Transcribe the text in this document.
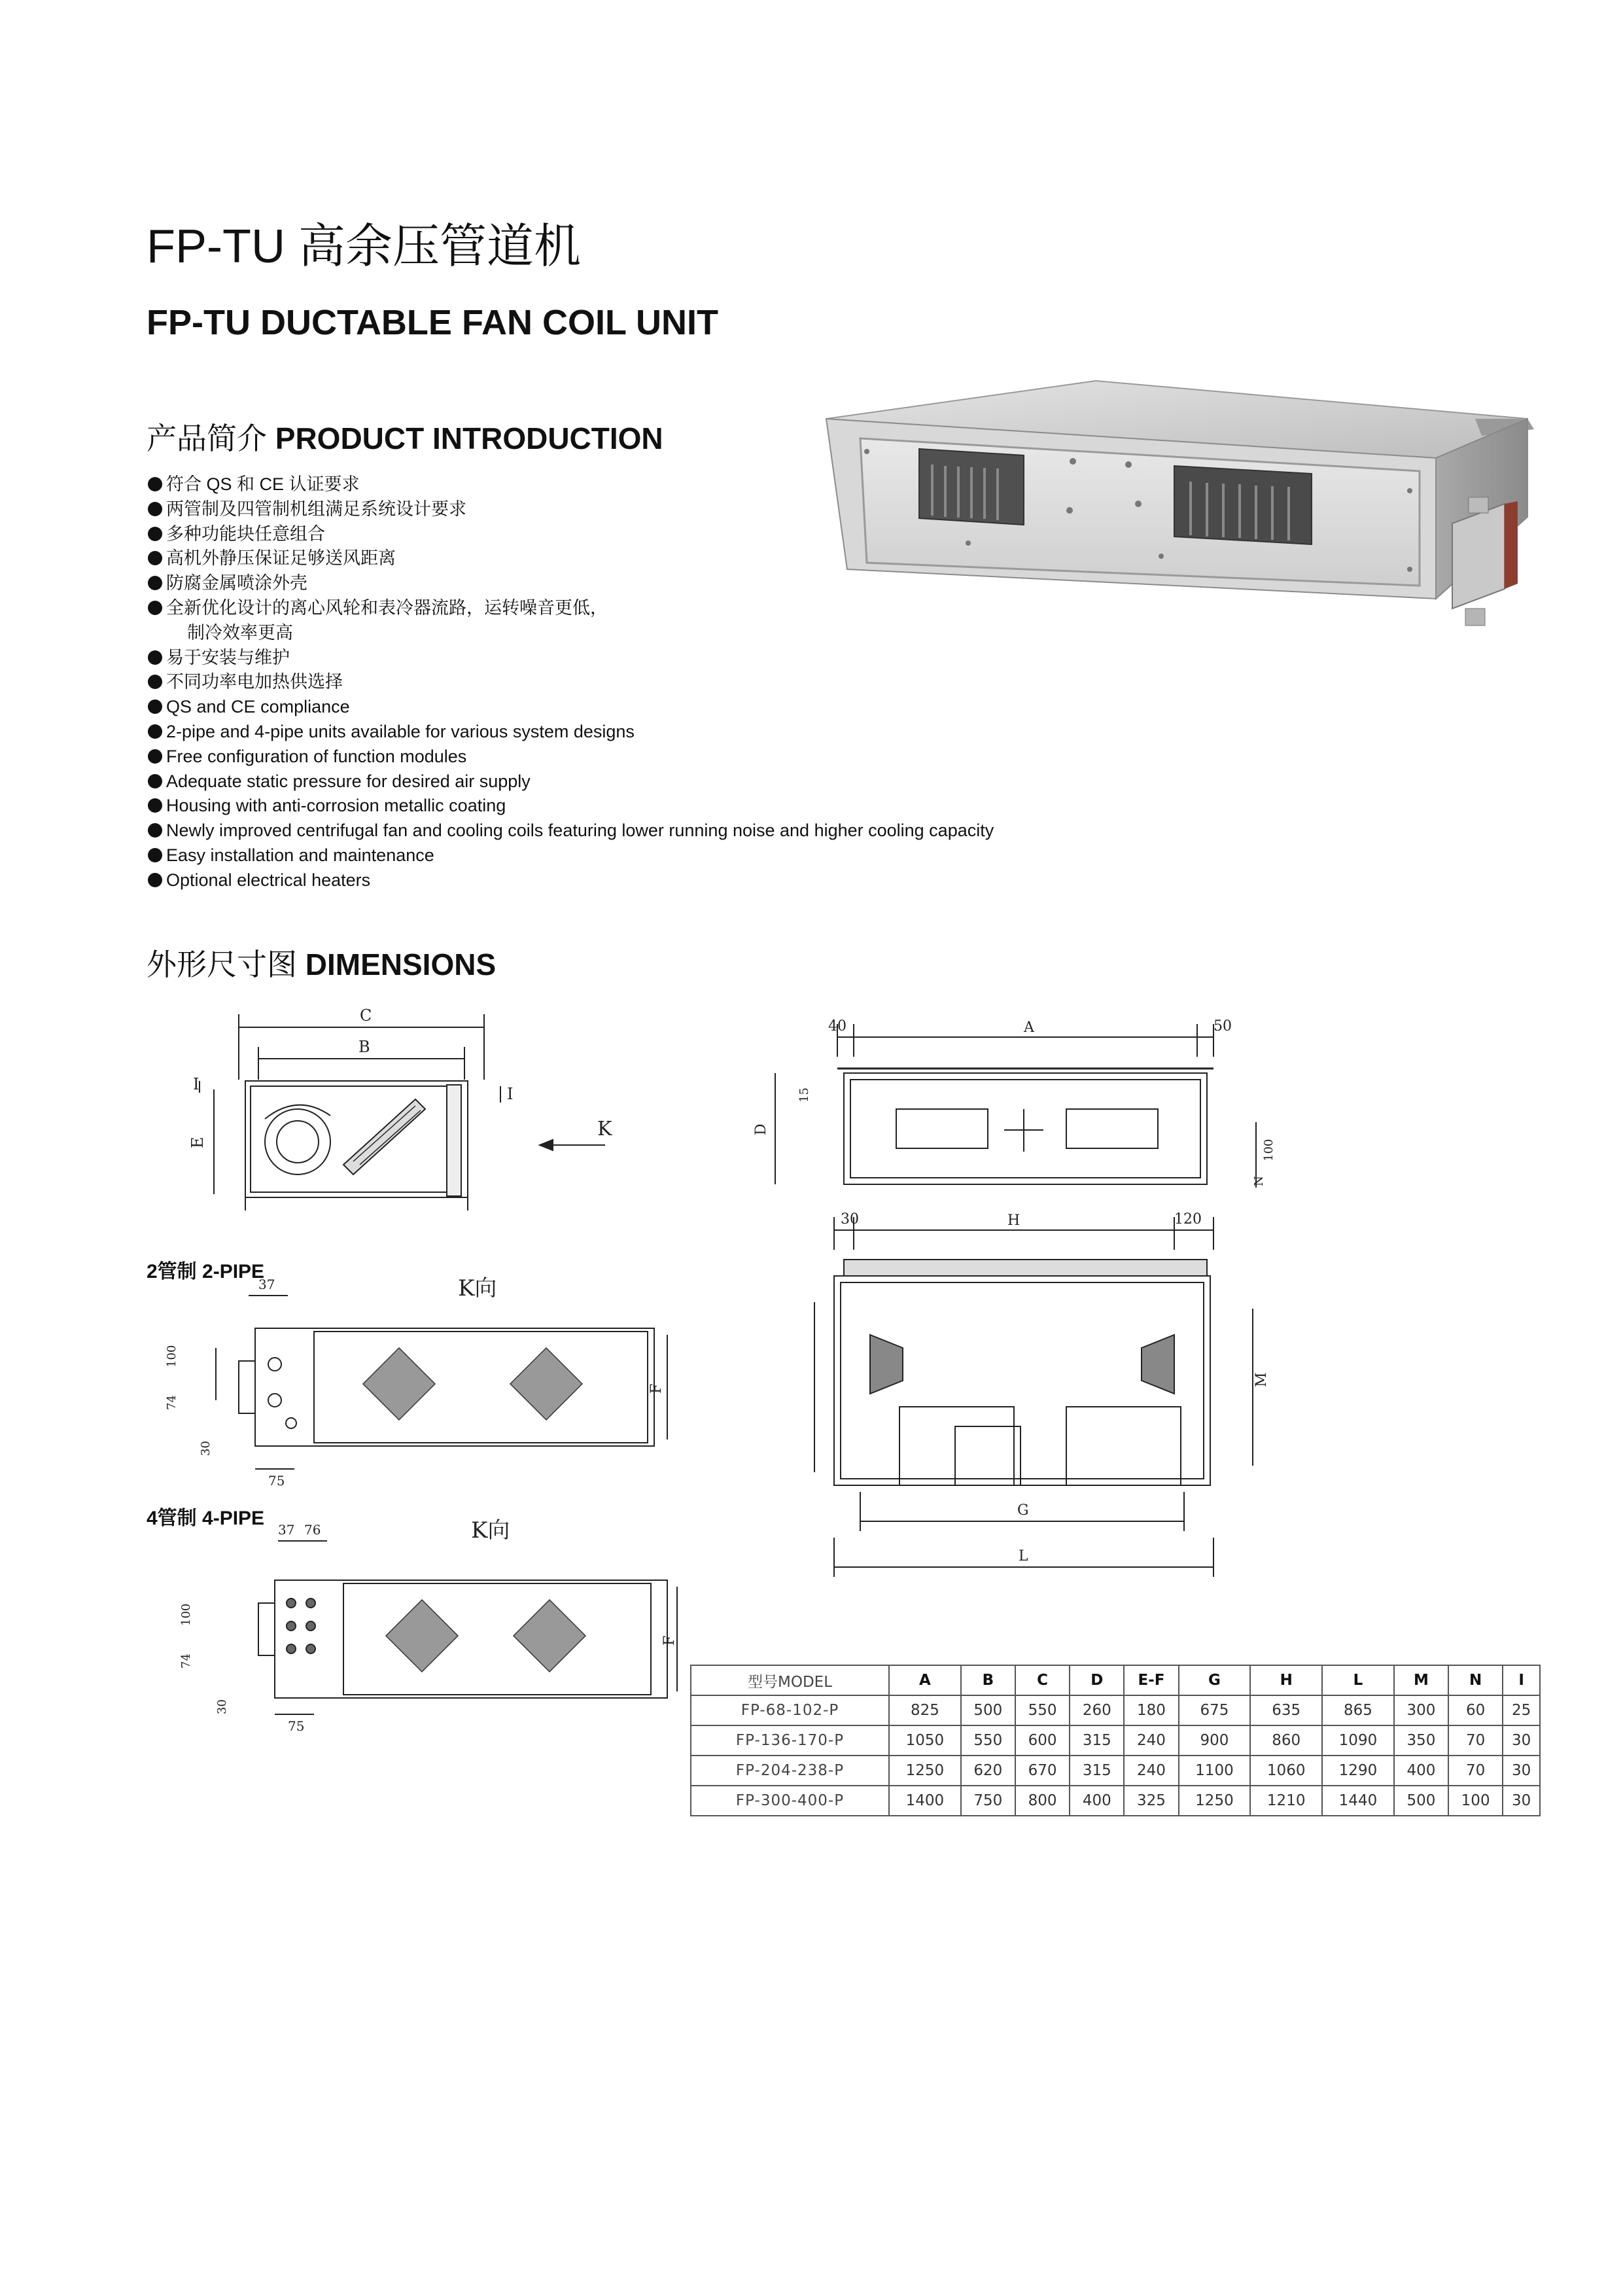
FP-TU 高余压管道机
FP-TU DUCTABLE FAN COIL UNIT
产品简介 PRODUCT INTRODUCTION
符合 QS 和 CE 认证要求
两管制及四管制机组满足系统设计要求
多种功能块任意组合
高机外静压保证足够送风距离
防腐金属喷涂外壳
全新优化设计的离心风轮和表冷器流路，运转噪音更低，
制冷效率更高
易于安装与维护
不同功率电加热供选择
QS and CE compliance
2-pipe and 4-pipe units available for various system designs
Free configuration of function modules
Adequate static pressure for desired air supply
Housing with anti-corrosion metallic coating
Newly improved centrifugal fan and cooling coils featuring lower running noise and higher cooling capacity
Easy installation and maintenance
Optional electrical heaters
外形尺寸图 DIMENSIONS
C
B
E
I
I
K
40	A	50
D
15
100
N
30	H	120
M
G
L
2管制 2-PIPE
37	K向
100
74
30
75
F
4管制 4-PIPE
37 76	K向
100
74
30
75
F
型号MODEL	A	B	C	D	E-F	G	H	L	M	N	I
FP-68-102-P	825	500	550	260	180	675	635	865	300	60	25
FP-136-170-P	1050	550	600	315	240	900	860	1090	350	70	30
FP-204-238-P	1250	620	670	315	240	1100	1060	1290	400	70	30
FP-300-400-P	1400	750	800	400	325	1250	1210	1440	500	100	30
